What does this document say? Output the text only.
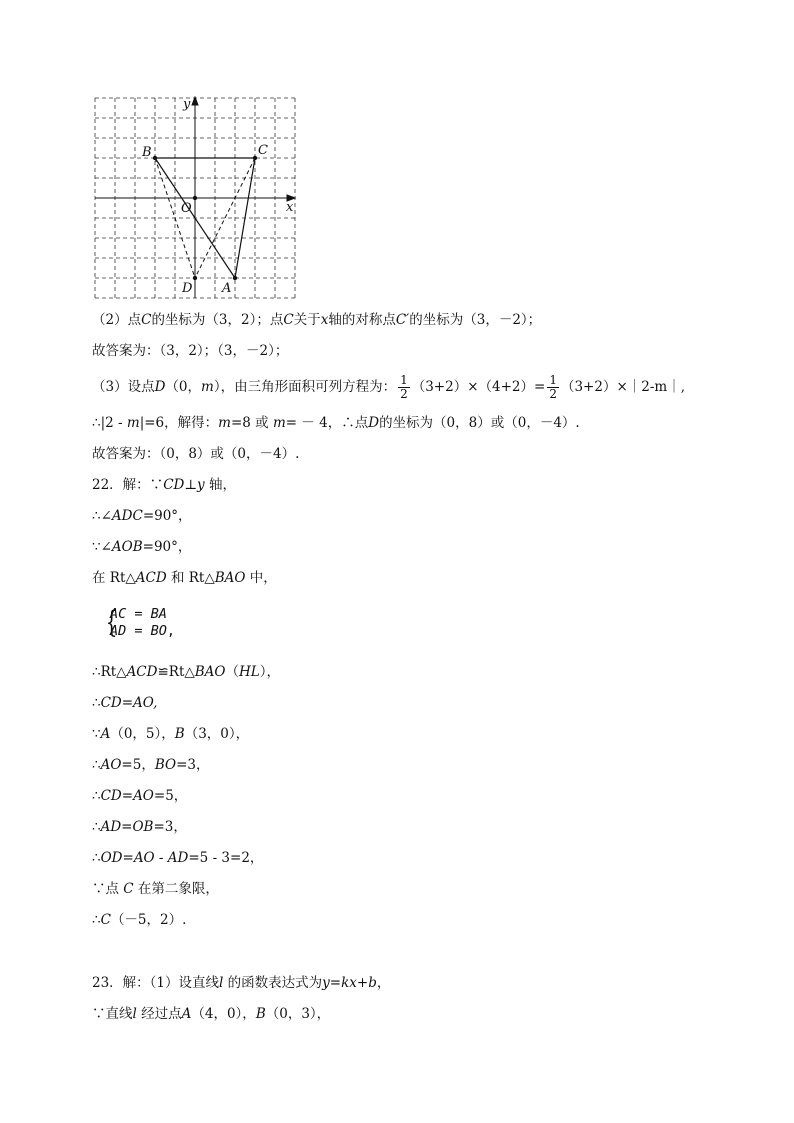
y
x
O
B	C
D A
（2）点C的坐标为（3，2）；点C关于x轴的对称点C′的坐标为（3，－2）；
故答案为：（3，2）；（3，－2）；
（3）设点D（0，m），由三角形面积可列方程为： $\frac{1}{2} (3+2)\times(4+2)= \frac{1}{2}$ （3+2）×｜2-m｜,
∴|2 - m|=6，解得：m=8 或 m= － 4，∴点D的坐标为（0，8）或（0，－4）.
故答案为：（0，8）或（0，－4）.
22．解：∵CD⊥y 轴，
∴∠ADC=90°，
∵∠AOB=90°，
在 Rt△ACD 和 Rt△BAO 中，
{
AC = BA
AD = BO,
∴Rt△ACD≌Rt△BAO（HL），
∴CD=AO,
∵A（0，5），B（3，0），
∴AO=5，BO=3，
∴CD=AO=5，
∴AD=OB=3，
∴OD=AO - AD=5 - 3=2，
∵点 C 在第二象限，
∴C（－5，2）.
23．解：（1）设直线l 的函数表达式为y=kx+b，
∵直线l 经过点A（4，0），B（0，3），
